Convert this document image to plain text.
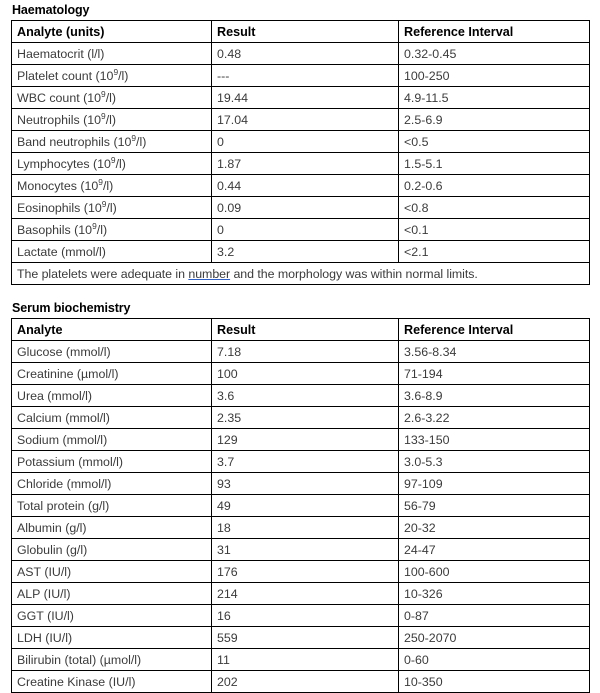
Haematology
Analyte (units)	Result	Reference Interval
Haematocrit (l/l)	0.48	0.32-0.45
Platelet count $(10^9/l)$	---	100-250
WBC count $(10^9/l)$	19.44	4.9-11.5
Neutrophils $(10^9/l)$	17.04	2.5-6.9
Band neutrophils $(10^9/l)$	0	<0.5
Lymphocytes $(10^9/l)$	1.87	1.5-5.1
Monocytes $(10^9/l)$	0.44	0.2-0.6
Eosinophils $(10^9/l)$	0.09	<0.8
Basophils $(10^9/l)$	0	<0.1
Lactate (mmol/l)	3.2	<2.1
The platelets were adequate in number and the morphology was within normal limits.		
Serum biochemistry
Analyte	Result	Reference Interval
Glucose (mmol/l)	7.18	3.56-8.34
Creatinine (µmol/l)	100	71-194
Urea (mmol/l)	3.6	3.6-8.9
Calcium (mmol/l)	2.35	2.6-3.22
Sodium (mmol/l)	129	133-150
Potassium (mmol/l)	3.7	3.0-5.3
Chloride (mmol/l)	93	97-109
Total protein (g/l)	49	56-79
Albumin (g/l)	18	20-32
Globulin (g/l)	31	24-47
AST (IU/l)	176	100-600
ALP (IU/l)	214	10-326
GGT (IU/l)	16	0-87
LDH (IU/l)	559	250-2070
Bilirubin (total) (µmol/l)	11	0-60
Creatine Kinase (IU/l)	202	10-350
